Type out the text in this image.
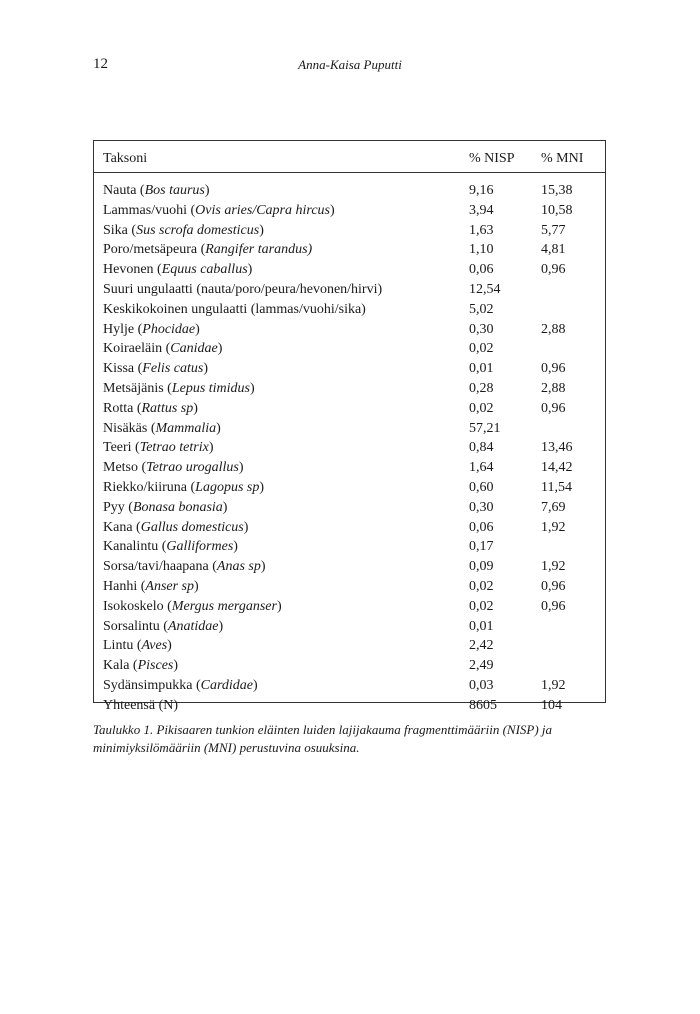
12	Anna-Kaisa Puputti
Taksoni	% NISP	% MNI
Nauta (Bos taurus)	9,16	15,38
Lammas/vuohi (Ovis aries/Capra hircus)	3,94	10,58
Sika (Sus scrofa domesticus)	1,63	5,77
Poro/metsäpeura (Rangifer tarandus)	1,10	4,81
Hevonen (Equus caballus)	0,06	0,96
Suuri ungulaatti (nauta/poro/peura/hevonen/hirvi)	12,54	
Keskikokoinen ungulaatti (lammas/vuohi/sika)	5,02	
Hylje (Phocidae)	0,30	2,88
Koiraeläin (Canidae)	0,02	
Kissa (Felis catus)	0,01	0,96
Metsäjänis (Lepus timidus)	0,28	2,88
Rotta (Rattus sp)	0,02	0,96
Nisäkäs (Mammalia)	57,21	
Teeri (Tetrao tetrix)	0,84	13,46
Metso (Tetrao urogallus)	1,64	14,42
Riekko/kiiruna (Lagopus sp)	0,60	11,54
Pyy (Bonasa bonasia)	0,30	7,69
Kana (Gallus domesticus)	0,06	1,92
Kanalintu (Galliformes)	0,17	
Sorsa/tavi/haapana (Anas sp)	0,09	1,92
Hanhi (Anser sp)	0,02	0,96
Isokoskelo (Mergus merganser)	0,02	0,96
Sorsalintu (Anatidae)	0,01	
Lintu (Aves)	2,42	
Kala (Pisces)	2,49	
Sydänsimpukka (Cardidae)	0,03	1,92
Yhteensä (N)	8605	104
Taulukko 1. Pikisaaren tunkion eläinten luiden lajijakauma fragmenttimääriin (NISP) ja minimiyksilömääriin (MNI) perustuvina osuuksina.
